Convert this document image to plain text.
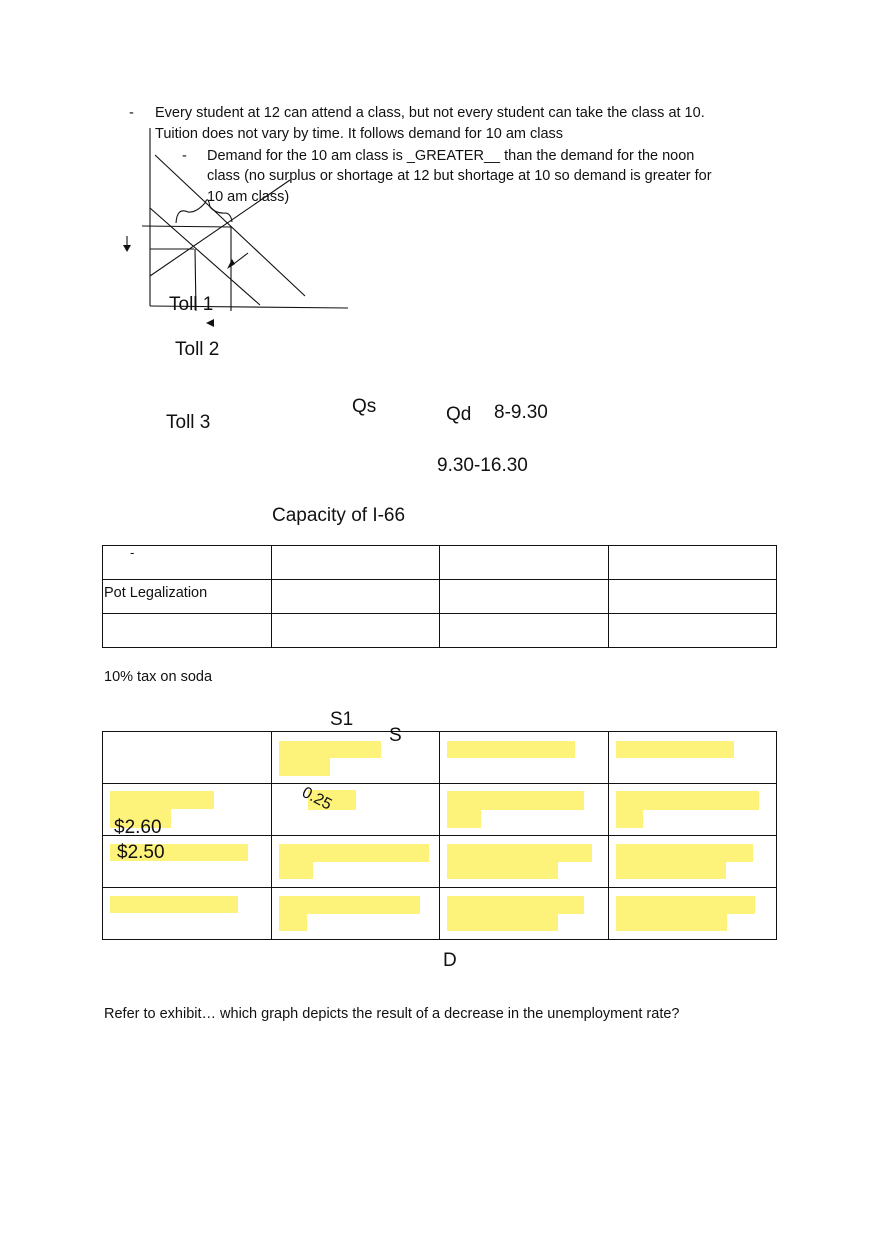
- Every student at 12 can attend a class, but not every student can take the class at 10.
Tuition does not vary by time. It follows demand for 10 am class
- Demand for the 10 am class is _GREATER__ than the demand for the noon
class (no surplus or shortage at 12 but shortage at 10 so demand is greater for
10 am class)
Toll 1
Toll 2
Toll 3
Qs	Qd 8-9.30
9.30-16.30
Capacity of I-66
-			

Pot Legalization			

10% tax on soda

S1
S
0.25
$2.60
$2.50
D
Refer to exhibit… which graph depicts the result of a decrease in the unemployment rate?
